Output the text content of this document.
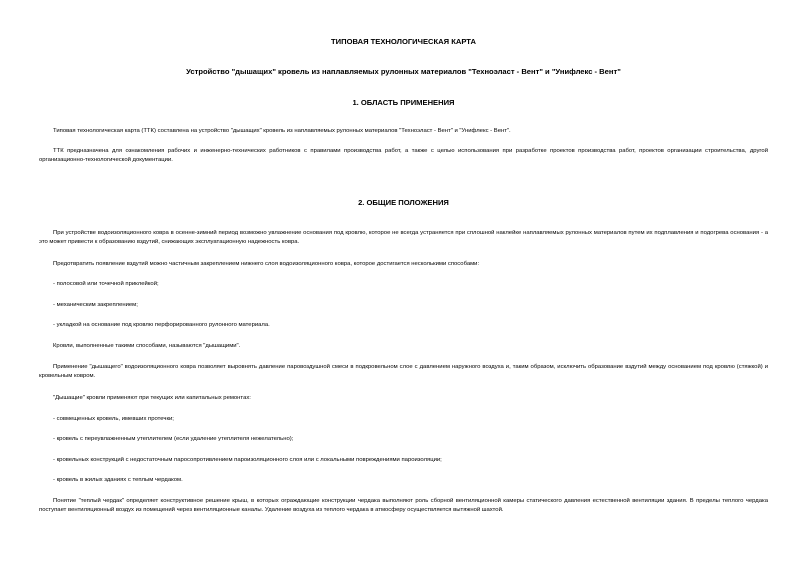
ТИПОВАЯ ТЕХНОЛОГИЧЕСКАЯ КАРТА

Устройство "дышащих" кровель из наплавляемых рулонных материалов "Техноэласт - Вент" и "Унифлекс - Вент"

1. ОБЛАСТЬ ПРИМЕНЕНИЯ

Типовая технологическая карта (ТТК) составлена на устройство "дышащих" кровель из наплавляемых рулонных материалов "Техноэласт - Вент" и "Унифлекс - Вент".

ТТК предназначена для ознакомления рабочих и инженерно-технических работников с правилами производства работ, а также с целью использования при разработке проектов производства работ, проектов организации строительства, другой организационно-технологической документации.

2. ОБЩИЕ ПОЛОЖЕНИЯ

При устройстве водоизоляционного ковра в осенне-зимний период возможно увлажнение основания под кровлю, которое не всегда устраняется при сплошной наклейке наплавляемых рулонных материалов путем их подплавления и подогрева основания - а это может привести к образованию вздутий, снижающих эксплуатационную надежность ковра.

Предотвратить появление вздутий можно частичным закреплением нижнего слоя водоизоляционного ковра, которое достигается несколькими способами:

- полосовой или точечной приклейкой;

- механическим закреплением;

- укладкой на основание под кровлю перфорированного рулонного материала.

Кровли, выполненные такими способами, называются "дышащими".

Применение "дышащего" водоизоляционного ковра позволяет выровнять давление паровоздушной смеси в подкровельном слое с давлением наружного воздуха и, таким образом, исключить образование вздутий между основанием под кровлю (стяжкой) и кровельным ковром.

"Дышащие" кровли применяют при текущих или капитальных ремонтах:

- совмещенных кровель, имевших протечки;

- кровель с переувлажненным утеплителем (если удаление утеплителя нежелательно);

- кровельных конструкций с недостаточным паросопротивлением пароизоляционного слоя или с локальными повреждениями пароизоляции;

- кровель в жилых зданиях с теплым чердаком.

Понятие "теплый чердак" определяет конструктивное решение крыш, в которых ограждающие конструкции чердака выполняют роль сборной вентиляционной камеры статического давления естественной вентиляции здания. В пределы теплого чердака поступает вентиляционный воздух из помещений через вентиляционные каналы. Удаление воздуха из теплого чердака в атмосферу осуществляется вытяжной шахтой.
